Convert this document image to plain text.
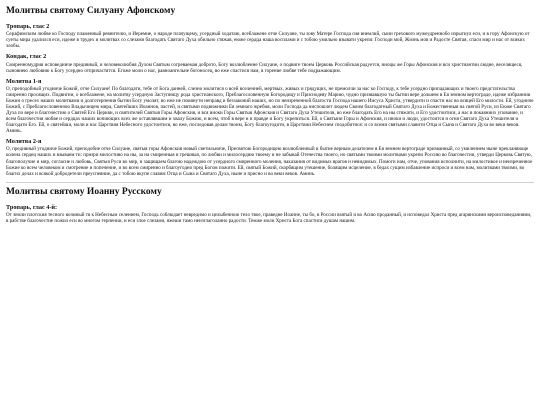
Молитвы святому Силуану Афонскому
Тропарь, глас 2

Серафимским любве ко Господу пламенный ревнителю, и Иеремие, о народе плачущему, усердный ходатаю, всеблажене отче Силуане, ты зову Матере Господа сия внемлий, сыни грехового мужеудреннобо изрыгнул еси, и в гору Афонскую от суеты мира удалился еси, идеже в трудех и молитвах со слезами благодать Святаго Духа обильно стяжав, еюже сердца наша восплами и с тобою умильно взывати укрепи: Господи мой, Жизнь моя и Радосте Святая, спаси мир и нас от всяких злобы.

Кондак, глас 2

Смиренномудрия исповедниче предивный, и человеколюбия Духом Святым согреваемая доброто, Богу возлюбленне Силуане, о подвиге твоем Церковь Российская радуется, иноцы же Горы Афонския и вси христиантии людие, веселящеся, сыновнею любовию к Богу усердно отпричастятся. Егоже моли о нас, равноангельне богоносец, во еже спастися нам, в горение любве тебе подражающим.

Молитва 1-я

О, преподобный угодниче Божий, отче Силуане! По благодати, тебе от Бога данней, слезно молитися о всей вселенней, мертвых, живых и грядущих, не премолчи за нас ко Господу, к тебе усердно припадающих и твоего предстательства смиренно просящих. Подвигни, о всеблажене, на молитву усердную Заступницу рода христианского, Преблагословенную Богородицу и Приснодеву Марию, чудно призвавшую ты бытии вере дольнем в Ея земном вертограде, идеже избраннии Божии о гресех наших молитвами и долготерпения бытии Богу умолят, во еже не помянути неправд и беззаконий наших, но по неизреченной благости Господа нашего Иисуса Христа, утвердити и спасти нас во всяцей Его милости. Ей, угодниче Божий, с Преблагословенною Владычицею мира, Святейших Иоаннов, пастей, и святыми подвижники Ея земнаго жребия, моли Господа да ниспошлет людем Своим благодатный Святаго Духа и Божественныя на святой Руси, из Еюже Святаго Духа по вере и благочестию о Святей Его Церкви, и святителей Святыя Горы Афонския, и вся иноки Горы Святыя Афонския и Святаго Духа Утешителя, во еже благодать Его на ны стяжати, и Его удостоитися, а нас в покаяниих упование, и всем благочестия любве и сердцах наших вопиющих всех же оставлявшим и хвалу Божию, и всем, чтоб в вере и и правде и Богу укрепиться. Ей, о Святыни Горы и Афонския, и иноки и люди, удостоится и огня Святаго Духа Утешителя и благодати Его. Ей, о святейши, моли и нас Царствия Небесного удостоитися, во еже, последовав делам твоим, Богу благоугодити, в Царствии Небеснем сподобитися: и со всеми святыми славити Отца и Сына и Святаго Духа во веки веков. Аминь.

Молитва 2-я

О, предивный угодниче Божий, преподобне отче Силуане, святыя горы Афонския новый светильниче, Пресвятою Богородицею возлюбленный и бытие верным делателем в Ея земнем вертограде призванный, со умилением ныне прекланяюще колена сердец наших и взываем ти: призри милостиво на ны, за на смиренныя и грешныя, по любви и милосердию твоему и не забывай Отечества твоего, но святыми твоими молитвами укрепи Россию во благочестии, утверди Церковь Святую, благополучие и мир, согласие и любовь, Святыя Руси во мир, и защищаем благою надеждою от усердного смиренного моления, наказания от видимых врагов и невидимых. Помоги нам, отче, упования исполнити, на милостивое и неизреченное Божие ко всем человеком и смотрение и попечение, и во всем смиренно и благоугодно пред Богом пожити. Ей, святый Божий, скорбящим утешение, болящим исцеление, в бедах сущим избавление испроси и всем нам, молитвами твоими, во благих делах и всякой добродетели преуспеяние, да с тобою вкупе славим Отца и Сына и Святаго Духа, ныне и присно и во веки веков. Аминь.

Молитвы святому Иоанну Русскому
Тропарь, глас 4-й:

От земли плотския тесного возмный тя к Небесным селением, Господь соблюдает невредимо и целыбенною тело твое, праведне Иоанне, ты бо, в России взятый и во Асию проданный, и исповедал Христа пред агарянскими вероисповеданиями, в рабстве благочестие пожил еси во многом терпении, и еси злое слезами, яжеши тамо неизглаголанно радости. Темже моли Христа Бога спастися душам нашим.
